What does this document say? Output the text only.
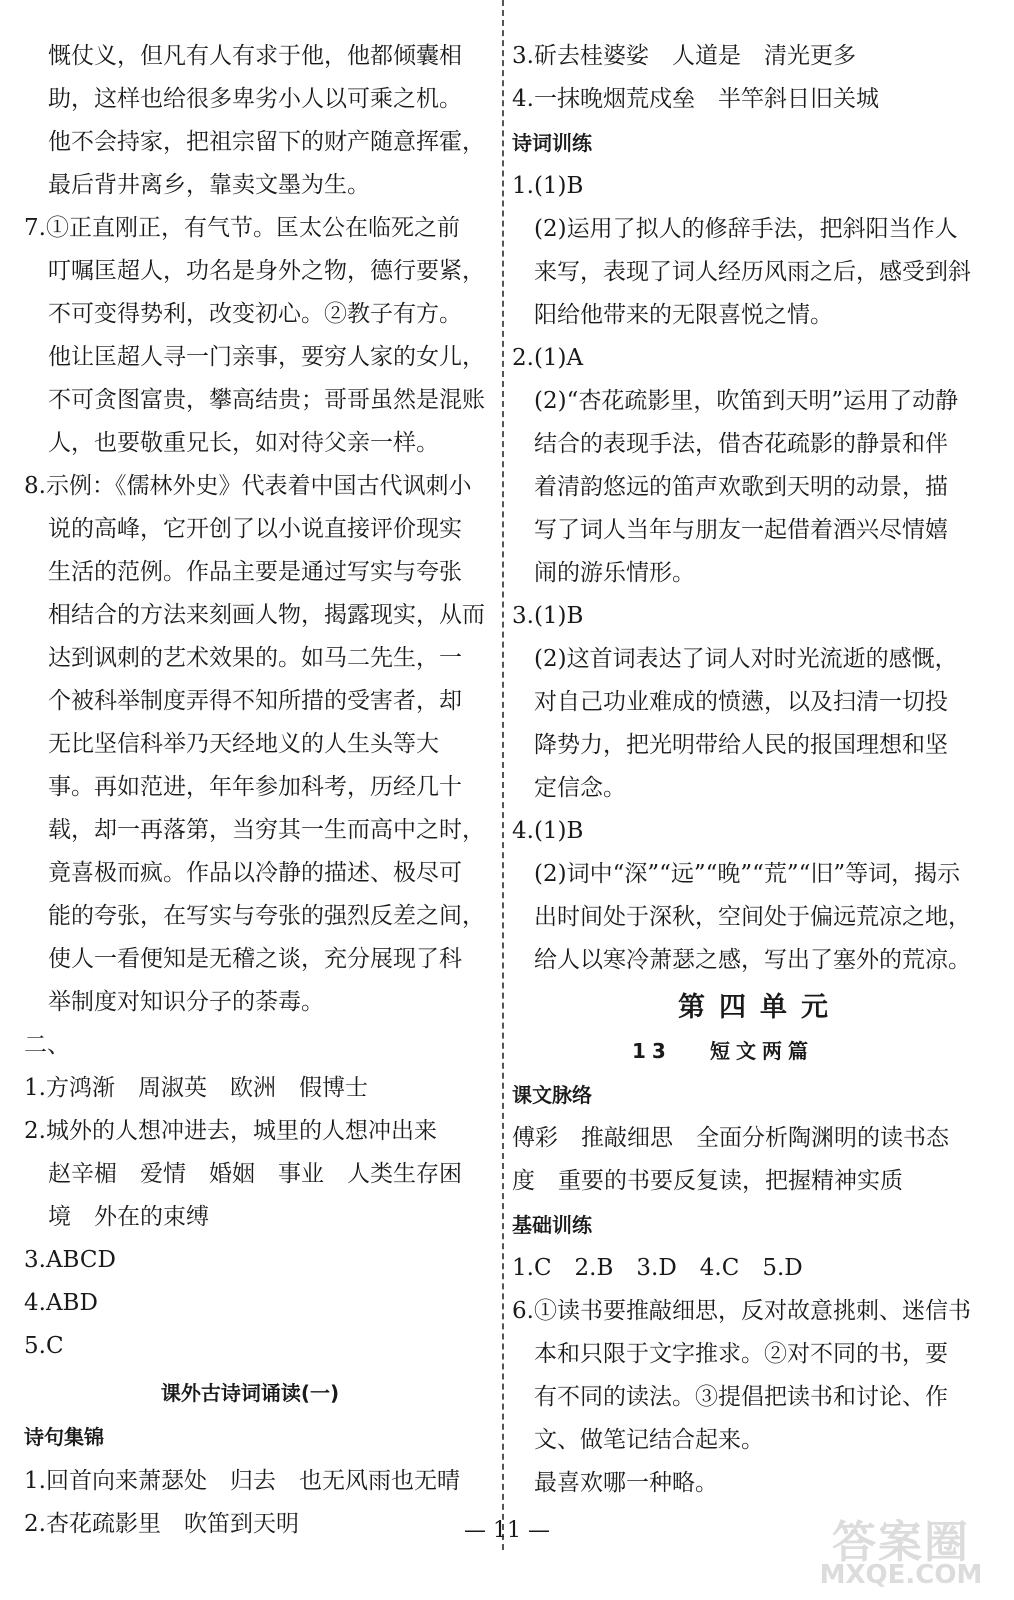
慨仗义，但凡有人有求于他，他都倾囊相
助，这样也给很多卑劣小人以可乘之机。
他不会持家，把祖宗留下的财产随意挥霍，
最后背井离乡，靠卖文墨为生。
7.①正直刚正，有气节。匡太公在临死之前
叮嘱匡超人，功名是身外之物，德行要紧，
不可变得势利，改变初心。②教子有方。
他让匡超人寻一门亲事，要穷人家的女儿，
不可贪图富贵，攀高结贵；哥哥虽然是混账
人，也要敬重兄长，如对待父亲一样。
8.示例：《儒林外史》代表着中国古代讽刺小
说的高峰，它开创了以小说直接评价现实
生活的范例。作品主要是通过写实与夸张
相结合的方法来刻画人物，揭露现实，从而
达到讽刺的艺术效果的。如马二先生，一
个被科举制度弄得不知所措的受害者，却
无比坚信科举乃天经地义的人生头等大
事。再如范进，年年参加科考，历经几十
载，却一再落第，当穷其一生而高中之时，
竟喜极而疯。作品以冷静的描述、极尽可
能的夸张，在写实与夸张的强烈反差之间，
使人一看便知是无稽之谈，充分展现了科
举制度对知识分子的荼毒。
二、
1.方鸿渐　周淑英　欧洲　假博士
2.城外的人想冲进去，城里的人想冲出来
赵辛楣　爱情　婚姻　事业　人类生存困
境　外在的束缚
3.ABCD
4.ABD
5.C
课外古诗词诵读(一)
诗句集锦
1.回首向来萧瑟处　归去　也无风雨也无晴
2.杏花疏影里　吹笛到天明
3.斫去桂婆娑　人道是　清光更多
4.一抹晚烟荒戍垒　半竿斜日旧关城
诗词训练
1.(1)B
(2)运用了拟人的修辞手法，把斜阳当作人
来写，表现了词人经历风雨之后，感受到斜
阳给他带来的无限喜悦之情。
2.(1)A
(2)“杏花疏影里，吹笛到天明”运用了动静
结合的表现手法，借杏花疏影的静景和伴
着清韵悠远的笛声欢歌到天明的动景，描
写了词人当年与朋友一起借着酒兴尽情嬉
闹的游乐情形。
3.(1)B
(2)这首词表达了词人对时光流逝的感慨，
对自己功业难成的愤懑，以及扫清一切投
降势力，把光明带给人民的报国理想和坚
定信念。
4.(1)B
(2)词中“深”“远”“晚”“荒”“旧”等词，揭示
出时间处于深秋，空间处于偏远荒凉之地，
给人以寒冷萧瑟之感，写出了塞外的荒凉。
第四单元
13 短文两篇
课文脉络
傅彩　推敲细思　全面分析陶渊明的读书态
度　重要的书要反复读，把握精神实质
基础训练
1.C　2.B　3.D　4.C　5.D
6.①读书要推敲细思，反对故意挑刺、迷信书
本和只限于文字推求。②对不同的书，要
有不同的读法。③提倡把读书和讨论、作
文、做笔记结合起来。
最喜欢哪一种略。
— 11 —	答案圈
MXQE.COM
